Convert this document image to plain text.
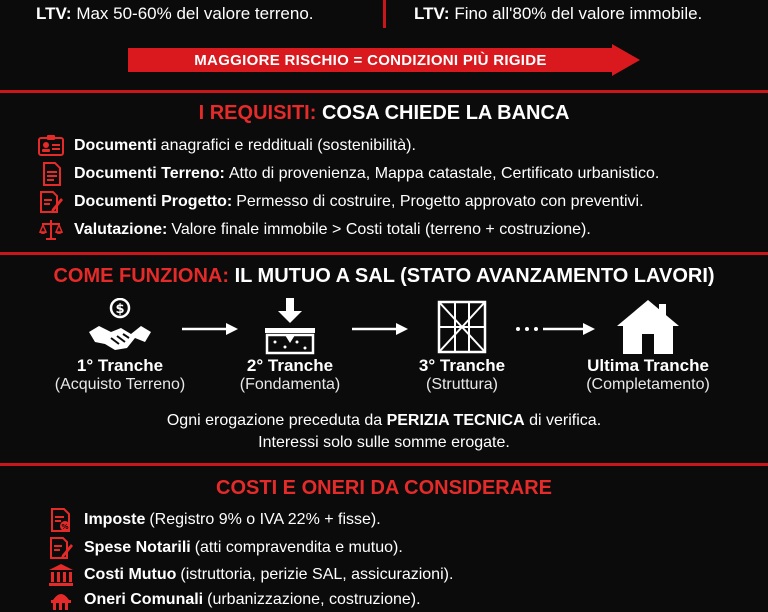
LTV: Max 50-60% del valore terreno.	LTV: Fino all'80% del valore immobile.
MAGGIORE RISCHIO = CONDIZIONI PIÙ RIGIDE
I REQUISITI: COSA CHIEDE LA BANCA
Documenti anagrafici e reddituali (sostenibilità).
Documenti Terreno: Atto di provenienza, Mappa catastale, Certificato urbanistico.
Documenti Progetto: Permesso di costruire, Progetto approvato con preventivi.
Valutazione: Valore finale immobile > Costi totali (terreno + costruzione).
COME FUNZIONA: IL MUTUO A SAL (STATO AVANZAMENTO LAVORI)
$
1° Tranche
(Acquisto Terreno)
2° Tranche
(Fondamenta)
3° Tranche
(Struttura)
Ultima Tranche
(Completamento)
Ogni erogazione preceduta da PERIZIA TECNICA di verifica.
Interessi solo sulle somme erogate.
COSTI E ONERI DA CONSIDERARE
% Imposte (Registro 9% o IVA 22% + fisse).
Spese Notarili (atti compravendita e mutuo).
Costi Mutuo (istruttoria, perizie SAL, assicurazioni).
Oneri Comunali (urbanizzazione, costruzione).
